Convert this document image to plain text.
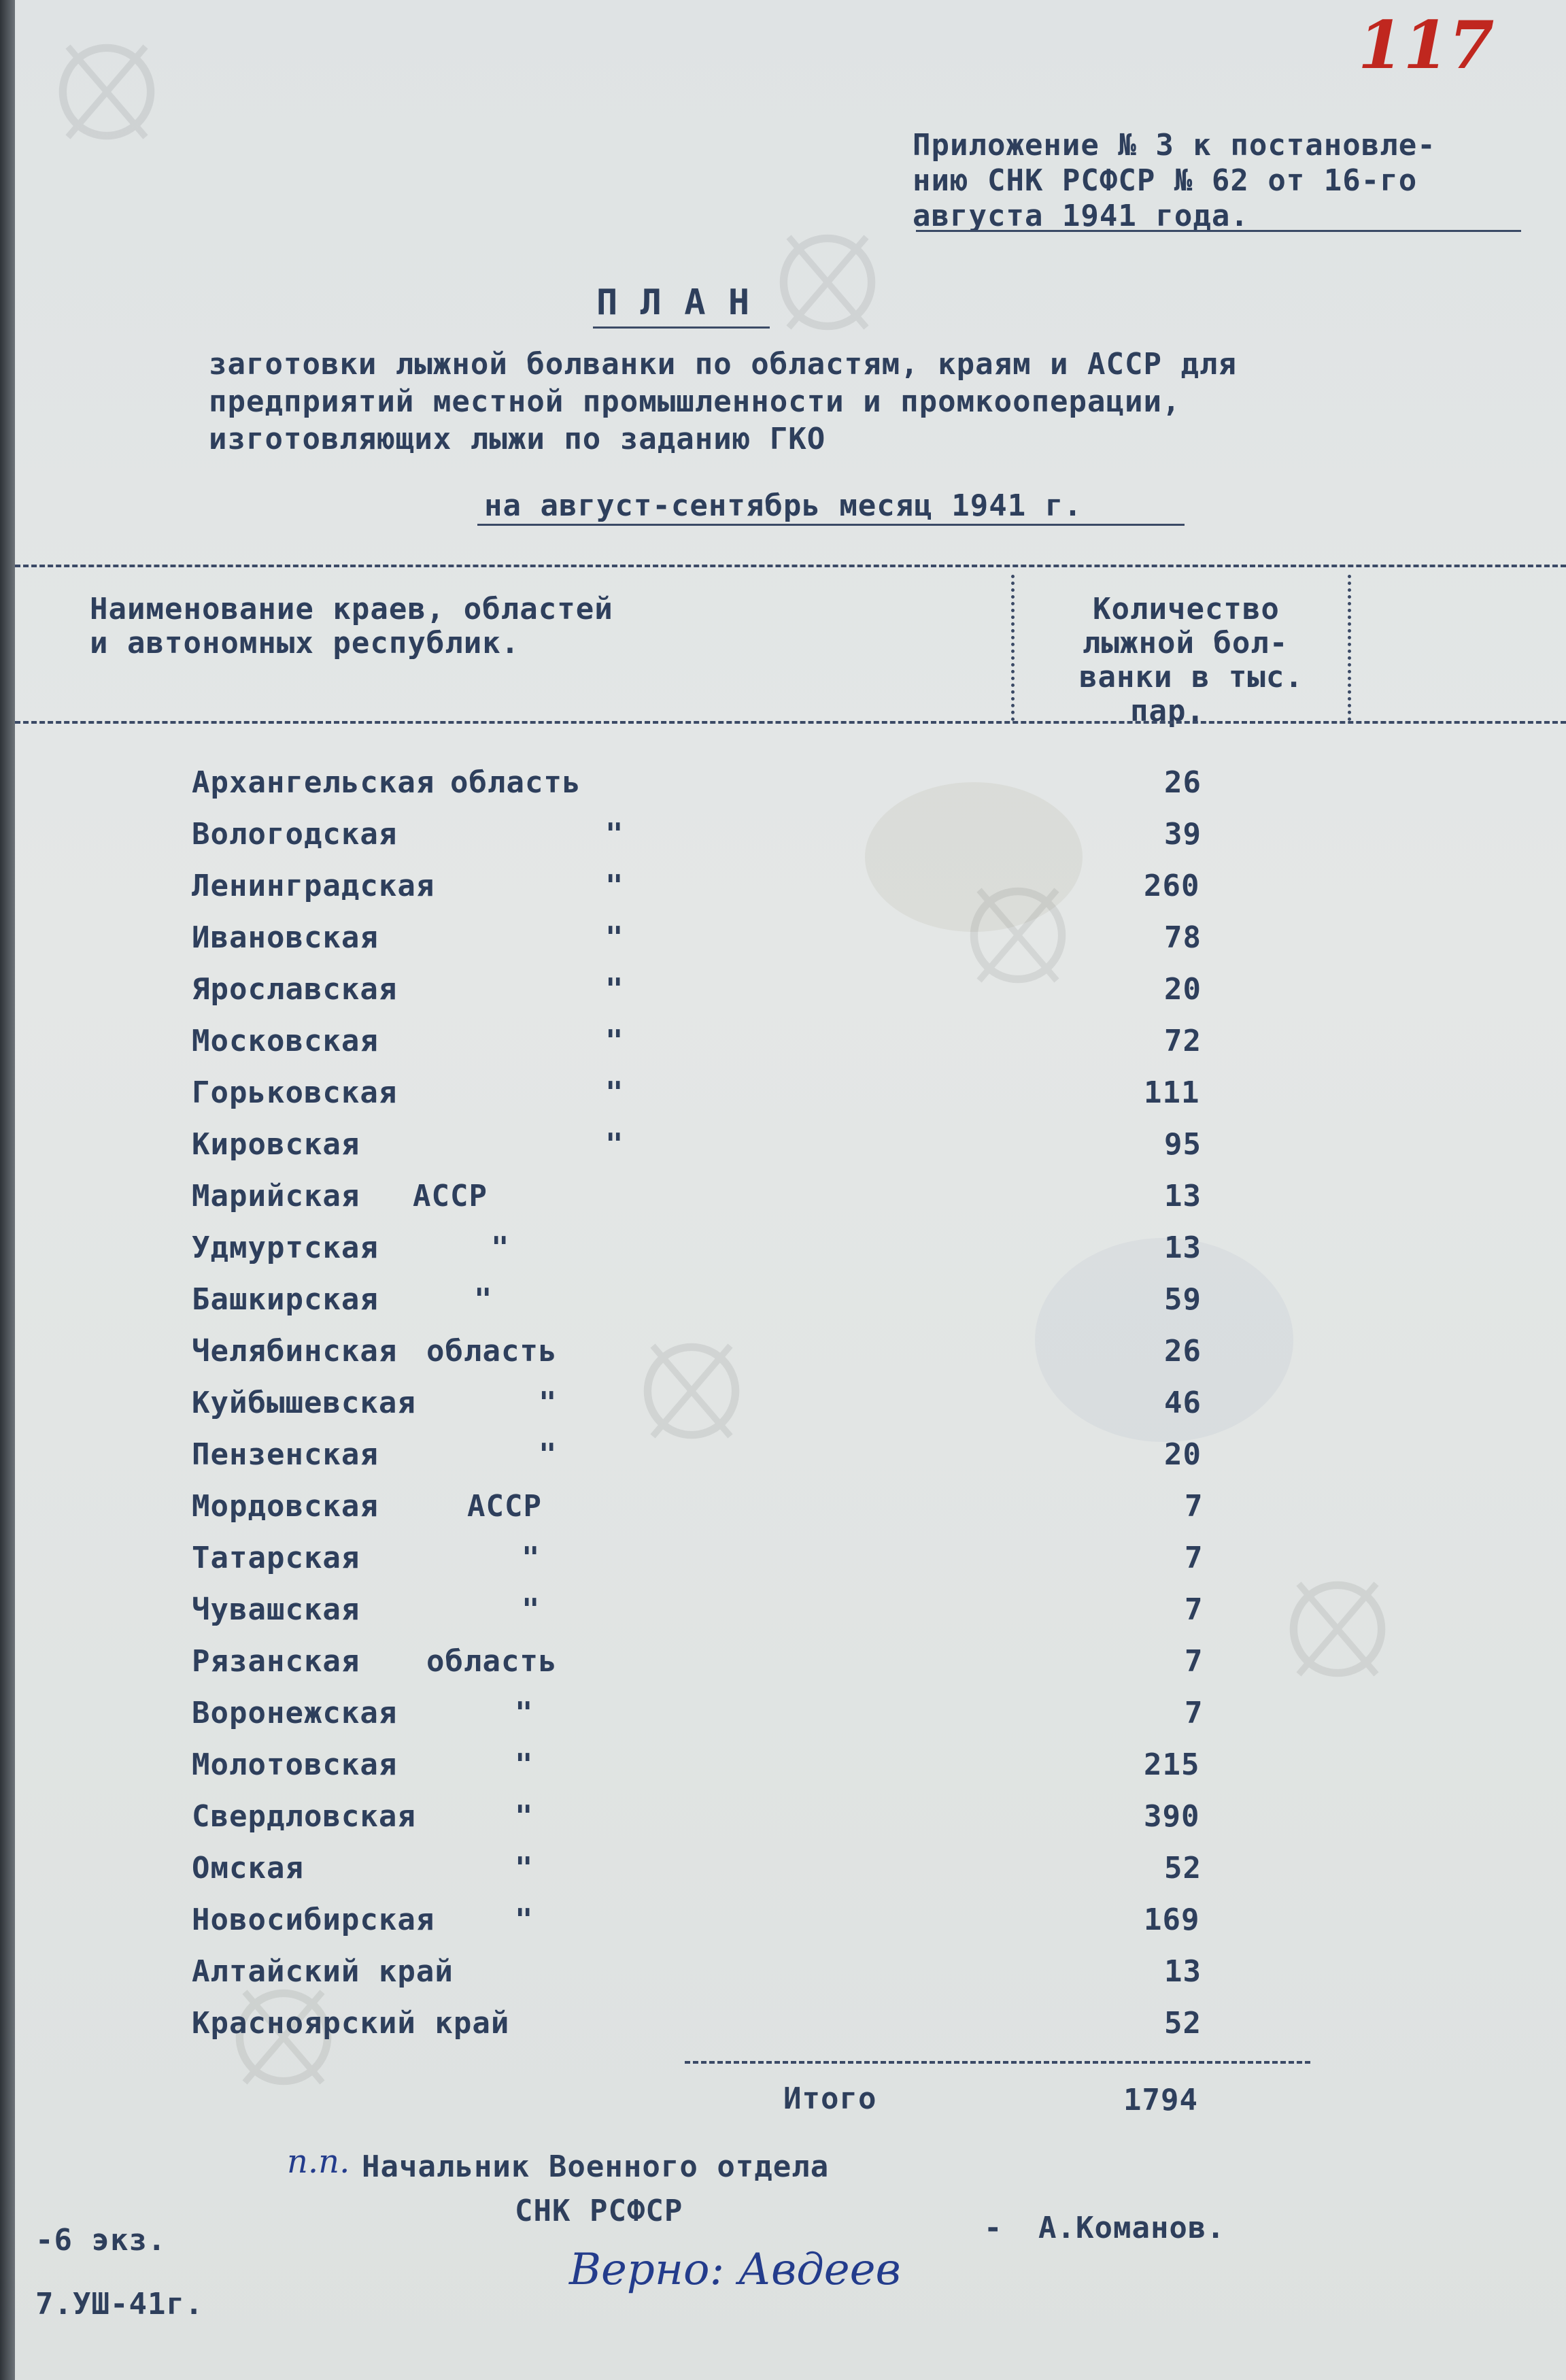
117
Приложение № 3 к постановле-
нию СНК РСФСР № 62 от 16-го
августа 1941 года.
П Л А Н
заготовки лыжной болванки по областям, краям и АССР для
предприятий местной промышленности и промкооперации,
изготовляющих лыжи по заданию ГКО
на август-сентябрь месяц 1941 г.
Наименование краев, областей
и автономных республик.
Количество
лыжной бол-
ванки в тыс.
пар.
Архангельская область	26
Вологодская	"	39
Ленинградская	"	260
Ивановская	"	78
Ярославская	"	20
Московская	"	72
Горьковская	"	111
Кировская	"	95
Марийская АССР	13
Удмуртская	"	13
Башкирская	"	59
Челябинская область	26
Куйбышевская	"	46
Пензенская	"	20
Мордовская	АССР	7
Татарская	"	7
Чувашская	"	7
Рязанская область	7
Воронежская	"	7
Молотовская	"	215
Свердловская	"	390
Омская	"	52
Новосибирская	"	169
Алтайский край	13
Красноярский край	52
Итого	1794
п.п. Начальник Военного отдела
СНК РСФСР	- А.Команов.
Верно: Авдеев
-6 экз.
7.УШ-41г.
